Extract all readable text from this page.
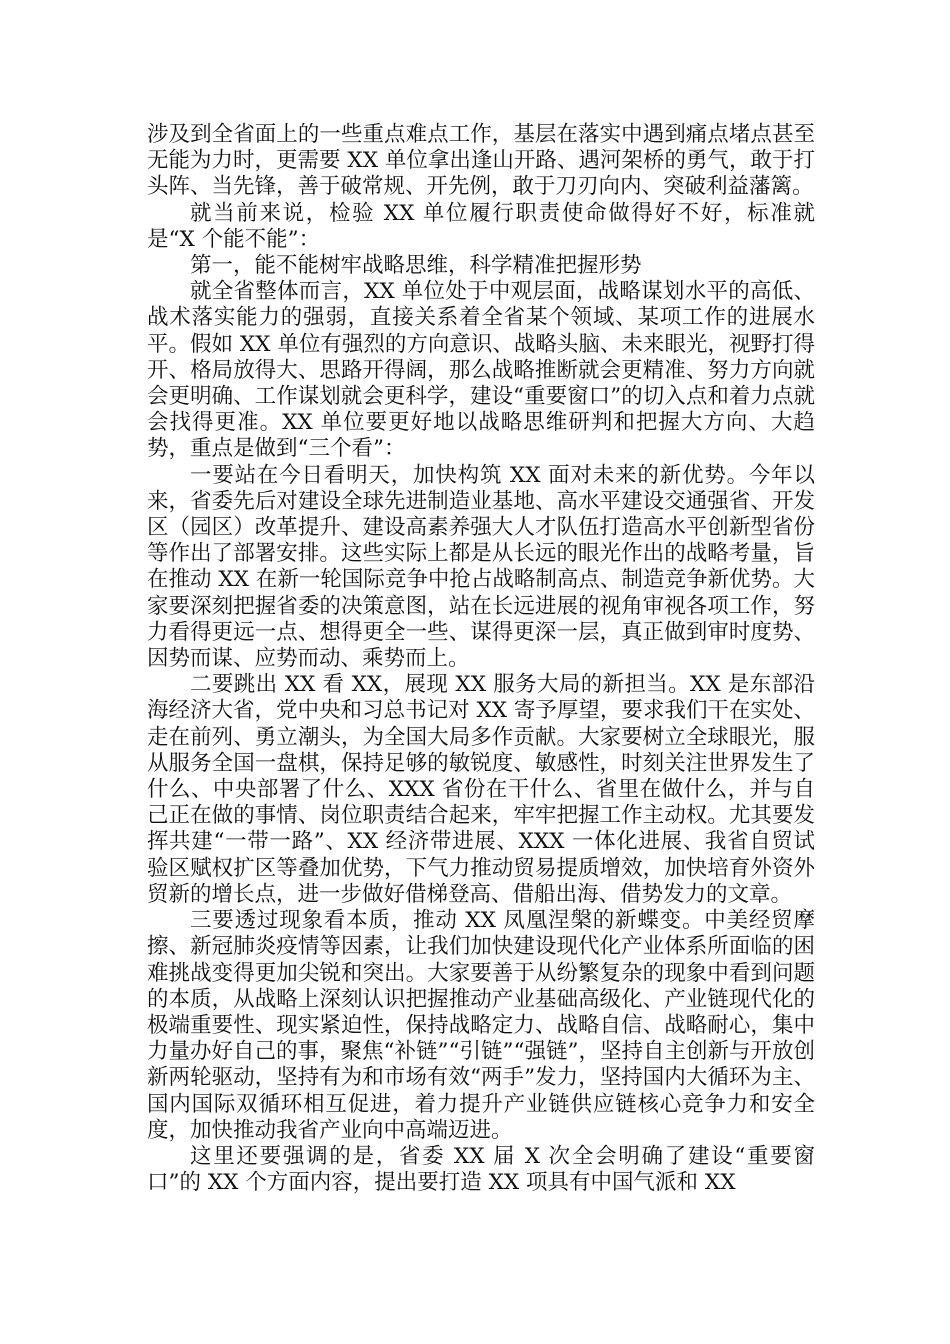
涉及到全省面上的一些重点难点工作，基层在落实中遇到痛点堵点甚至无能为力时，更需要 XX 单位拿出逢山开路、遇河架桥的勇气，敢于打头阵、当先锋，善于破常规、开先例，敢于刀刃向内、突破利益藩篱。

就当前来说，检验 XX 单位履行职责使命做得好不好，标准就是“X 个能不能”：

第一，能不能树牢战略思维，科学精准把握形势

就全省整体而言，XX 单位处于中观层面，战略谋划水平的高低、战术落实能力的强弱，直接关系着全省某个领域、某项工作的进展水平。假如 XX 单位有强烈的方向意识、战略头脑、未来眼光，视野打得开、格局放得大、思路开得阔，那么战略推断就会更精准、努力方向就会更明确、工作谋划就会更科学，建设“重要窗口”的切入点和着力点就会找得更准。XX 单位要更好地以战略思维研判和把握大方向、大趋势，重点是做到“三个看”：

一要站在今日看明天，加快构筑 XX 面对未来的新优势。今年以来，省委先后对建设全球先进制造业基地、高水平建设交通强省、开发区（园区）改革提升、建设高素养强大人才队伍打造高水平创新型省份等作出了部署安排。这些实际上都是从长远的眼光作出的战略考量，旨在推动 XX 在新一轮国际竞争中抢占战略制高点、制造竞争新优势。大家要深刻把握省委的决策意图，站在长远进展的视角审视各项工作，努力看得更远一点、想得更全一些、谋得更深一层，真正做到审时度势、因势而谋、应势而动、乘势而上。

二要跳出 XX 看 XX，展现 XX 服务大局的新担当。XX 是东部沿海经济大省，党中央和习总书记对 XX 寄予厚望，要求我们干在实处、走在前列、勇立潮头，为全国大局多作贡献。大家要树立全球眼光，服从服务全国一盘棋，保持足够的敏锐度、敏感性，时刻关注世界发生了什么、中央部署了什么、XXX 省份在干什么、省里在做什么，并与自己正在做的事情、岗位职责结合起来，牢牢把握工作主动权。尤其要发挥共建“一带一路”、XX 经济带进展、XXX 一体化进展、我省自贸试验区赋权扩区等叠加优势，下气力推动贸易提质增效，加快培育外资外贸新的增长点，进一步做好借梯登高、借船出海、借势发力的文章。

三要透过现象看本质，推动 XX 凤凰涅槃的新蝶变。中美经贸摩擦、新冠肺炎疫情等因素，让我们加快建设现代化产业体系所面临的困难挑战变得更加尖锐和突出。大家要善于从纷繁复杂的现象中看到问题的本质，从战略上深刻认识把握推动产业基础高级化、产业链现代化的极端重要性、现实紧迫性，保持战略定力、战略自信、战略耐心，集中力量办好自己的事，聚焦“补链”“引链”“强链”，坚持自主创新与开放创新两轮驱动，坚持有为和市场有效“两手”发力，坚持国内大循环为主、国内国际双循环相互促进，着力提升产业链供应链核心竞争力和安全度，加快推动我省产业向中高端迈进。

这里还要强调的是，省委 XX 届 X 次全会明确了建设“重要窗口”的 XX 个方面内容，提出要打造 XX 项具有中国气派和 XX
